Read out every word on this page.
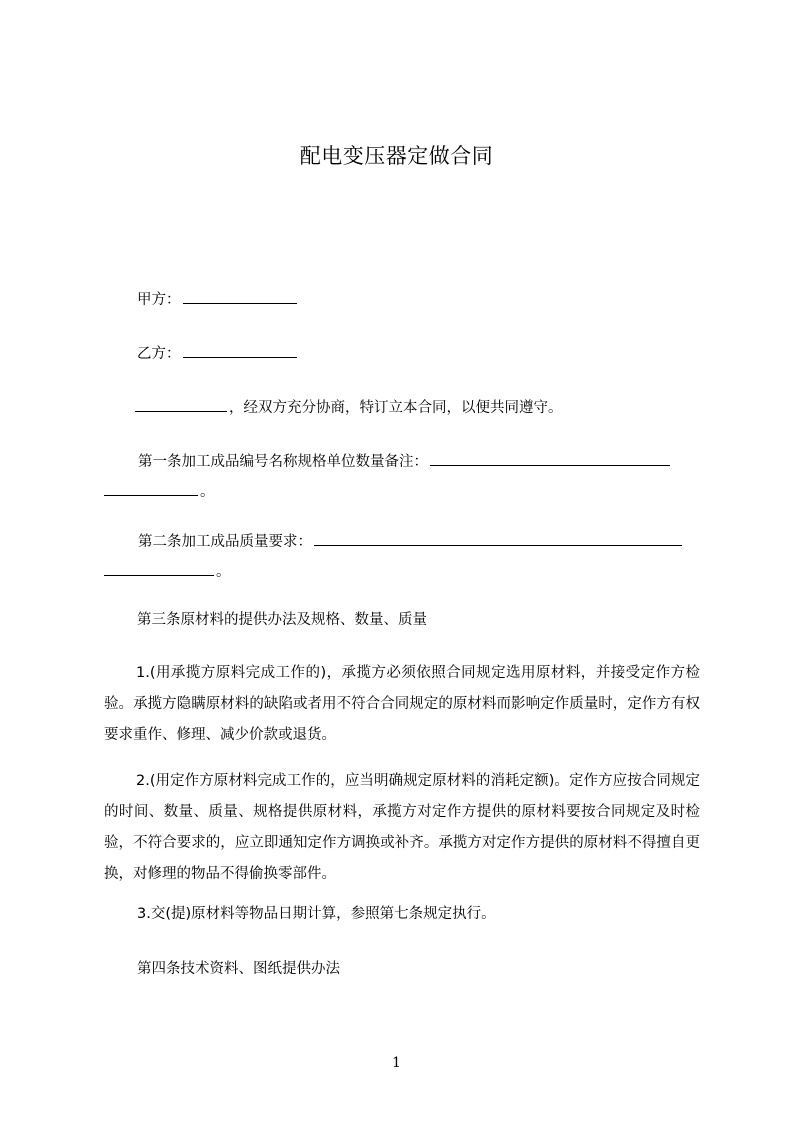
配电变压器定做合同
甲方：
乙方：
，经双方充分协商，特订立本合同，以便共同遵守。
第一条加工成品编号名称规格单位数量备注：
。
第二条加工成品质量要求：
。
第三条原材料的提供办法及规格、数量、质量
1.(用承揽方原料完成工作的)，承揽方必须依照合同规定选用原材料，并接受定作方检验。承揽方隐瞒原材料的缺陷或者用不符合合同规定的原材料而影响定作质量时，定作方有权要求重作、修理、减少价款或退货。
2.(用定作方原材料完成工作的，应当明确规定原材料的消耗定额)。定作方应按合同规定的时间、数量、质量、规格提供原材料，承揽方对定作方提供的原材料要按合同规定及时检验，不符合要求的，应立即通知定作方调换或补齐。承揽方对定作方提供的原材料不得擅自更换，对修理的物品不得偷换零部件。
3.交(提)原材料等物品日期计算，参照第七条规定执行。
第四条技术资料、图纸提供办法
1
